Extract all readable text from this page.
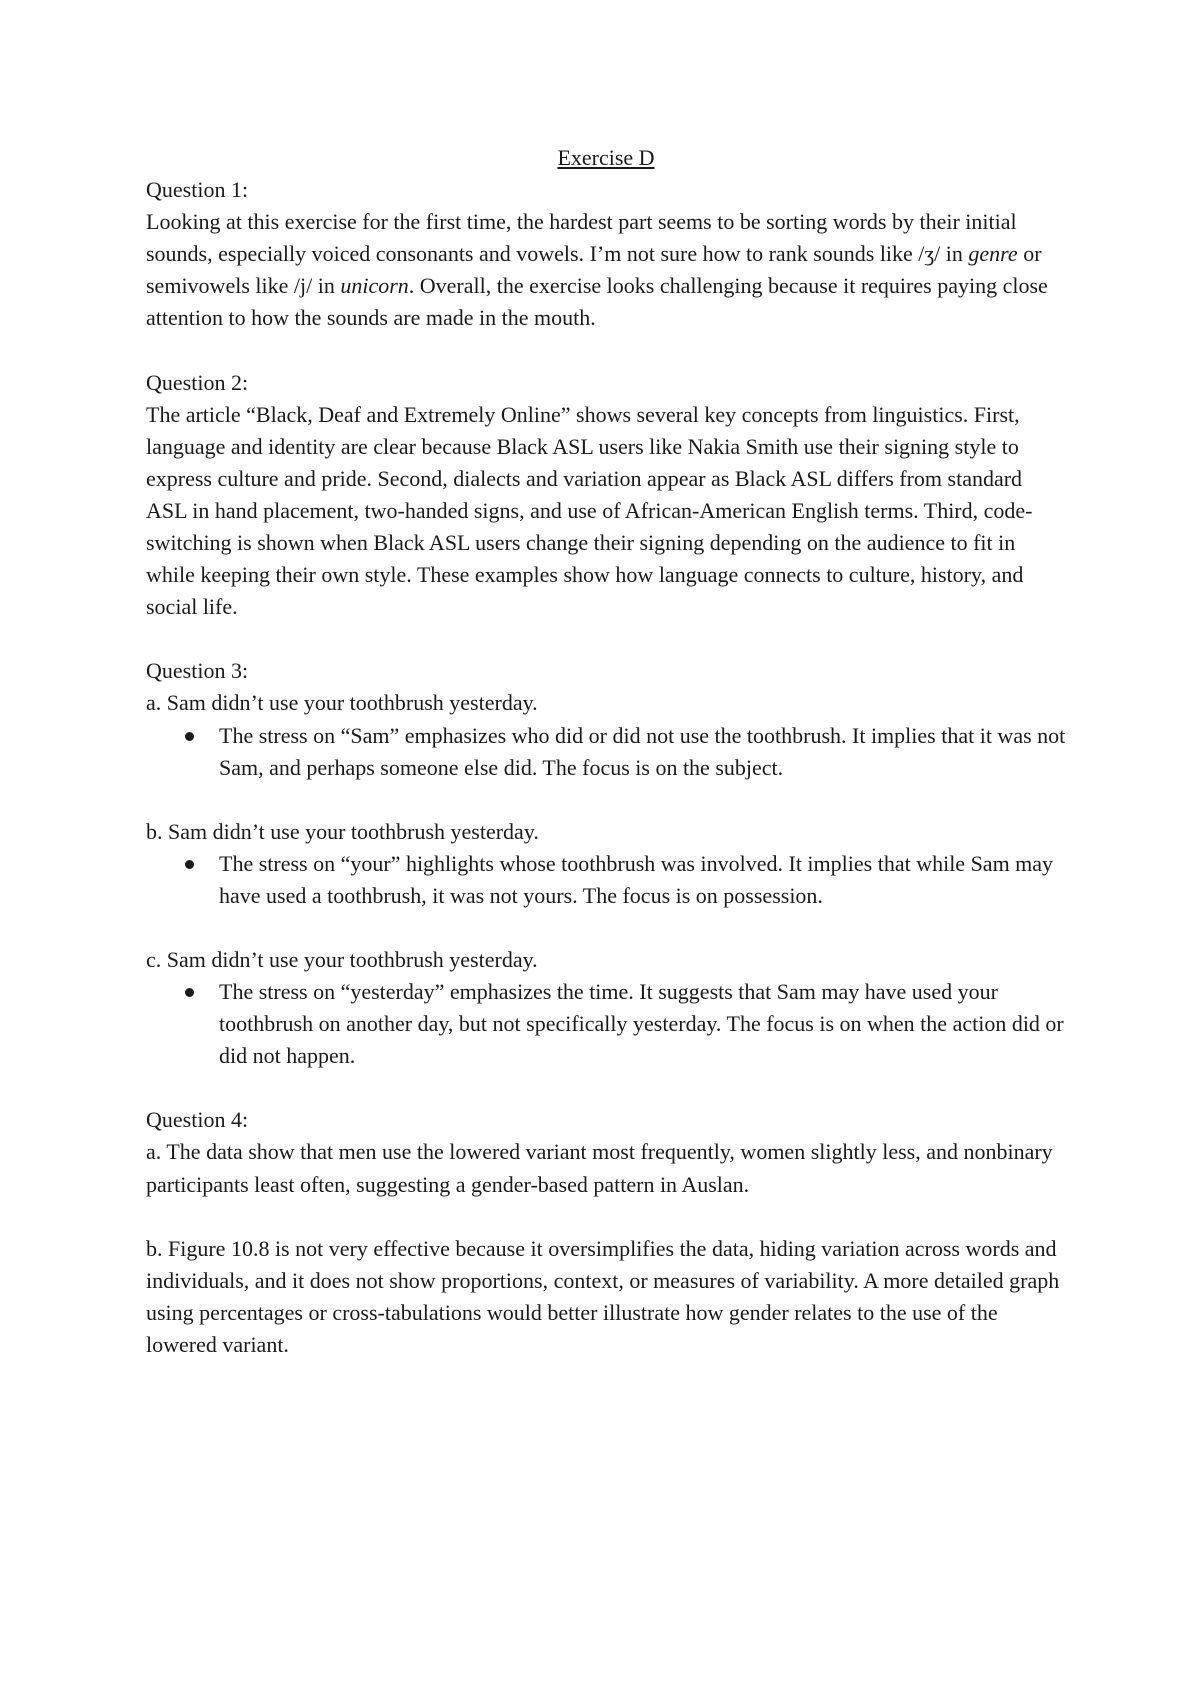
Exercise D

Question 1:

Looking at this exercise for the first time, the hardest part seems to be sorting words by their initial sounds, especially voiced consonants and vowels. I’m not sure how to rank sounds like /ʒ/ in genre or semivowels like /j/ in unicorn. Overall, the exercise looks challenging because it requires paying close attention to how the sounds are made in the mouth.

Question 2:

The article “Black, Deaf and Extremely Online” shows several key concepts from linguistics. First, language and identity are clear because Black ASL users like Nakia Smith use their signing style to express culture and pride. Second, dialects and variation appear as Black ASL differs from standard ASL in hand placement, two-handed signs, and use of African-American English terms. Third, code-switching is shown when Black ASL users change their signing depending on the audience to fit in while keeping their own style. These examples show how language connects to culture, history, and social life.

Question 3:

a. Sam didn’t use your toothbrush yesterday.

The stress on “Sam” emphasizes who did or did not use the toothbrush. It implies that it was not Sam, and perhaps someone else did. The focus is on the subject.

b. Sam didn’t use your toothbrush yesterday.

The stress on “your” highlights whose toothbrush was involved. It implies that while Sam may have used a toothbrush, it was not yours. The focus is on possession.

c. Sam didn’t use your toothbrush yesterday.

The stress on “yesterday” emphasizes the time. It suggests that Sam may have used your toothbrush on another day, but not specifically yesterday. The focus is on when the action did or did not happen.

Question 4:

a. The data show that men use the lowered variant most frequently, women slightly less, and nonbinary participants least often, suggesting a gender-based pattern in Auslan.

b. Figure 10.8 is not very effective because it oversimplifies the data, hiding variation across words and individuals, and it does not show proportions, context, or measures of variability. A more detailed graph using percentages or cross-tabulations would better illustrate how gender relates to the use of the lowered variant.
